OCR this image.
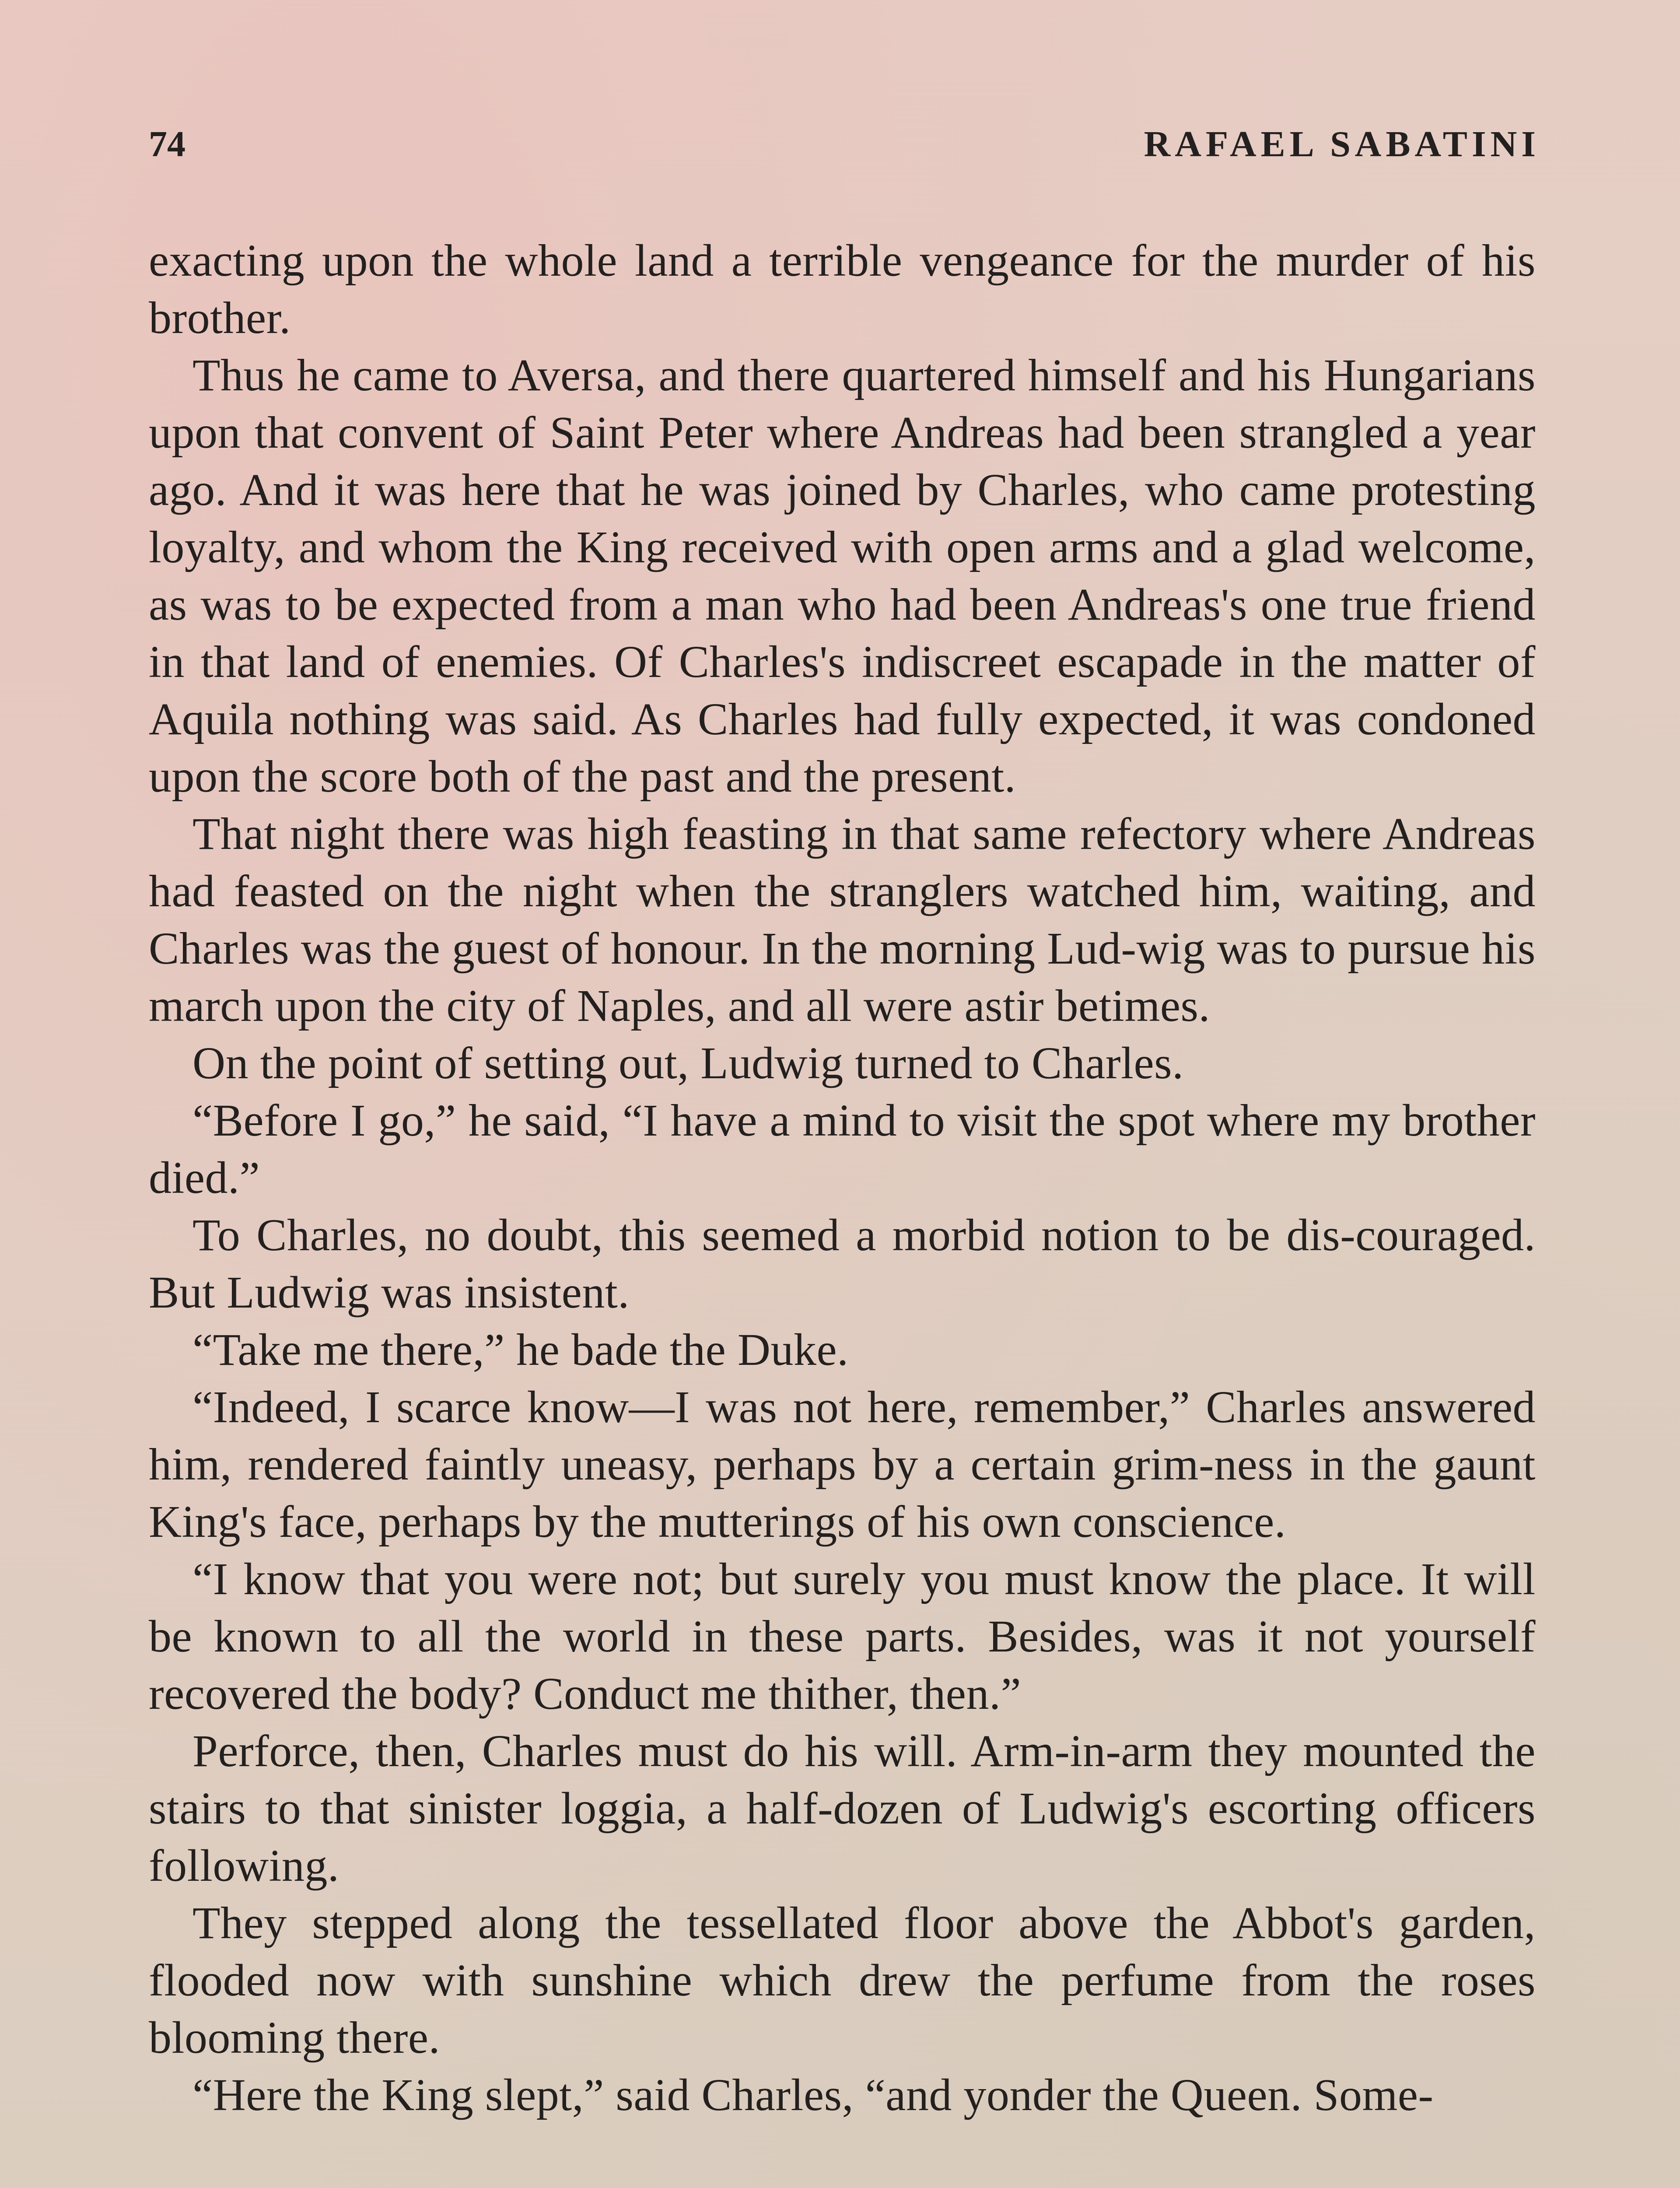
74	RAFAEL SABATINI

exacting upon the whole land a terrible vengeance for the murder of his brother.

Thus he came to Aversa, and there quartered himself and his Hungarians upon that convent of Saint Peter where Andreas had been strangled a year ago. And it was here that he was joined by Charles, who came protesting loyalty, and whom the King received with open arms and a glad welcome, as was to be expected from a man who had been Andreas's one true friend in that land of enemies. Of Charles's indiscreet escapade in the matter of Aquila nothing was said. As Charles had fully expected, it was condoned upon the score both of the past and the present.

That night there was high feasting in that same refectory where Andreas had feasted on the night when the stranglers watched him, waiting, and Charles was the guest of honour. In the morning Lud-wig was to pursue his march upon the city of Naples, and all were astir betimes.

On the point of setting out, Ludwig turned to Charles.

“Before I go,” he said, “I have a mind to visit the spot where my brother died.”

To Charles, no doubt, this seemed a morbid notion to be dis-couraged. But Ludwig was insistent.

“Take me there,” he bade the Duke.

“Indeed, I scarce know—I was not here, remember,” Charles answered him, rendered faintly uneasy, perhaps by a certain grim-ness in the gaunt King's face, perhaps by the mutterings of his own conscience.

“I know that you were not; but surely you must know the place. It will be known to all the world in these parts. Besides, was it not yourself recovered the body? Conduct me thither, then.”

Perforce, then, Charles must do his will. Arm-in-arm they mounted the stairs to that sinister loggia, a half-dozen of Ludwig's escorting officers following.

They stepped along the tessellated floor above the Abbot's garden, flooded now with sunshine which drew the perfume from the roses blooming there.

“Here the King slept,” said Charles, “and yonder the Queen. Some-
